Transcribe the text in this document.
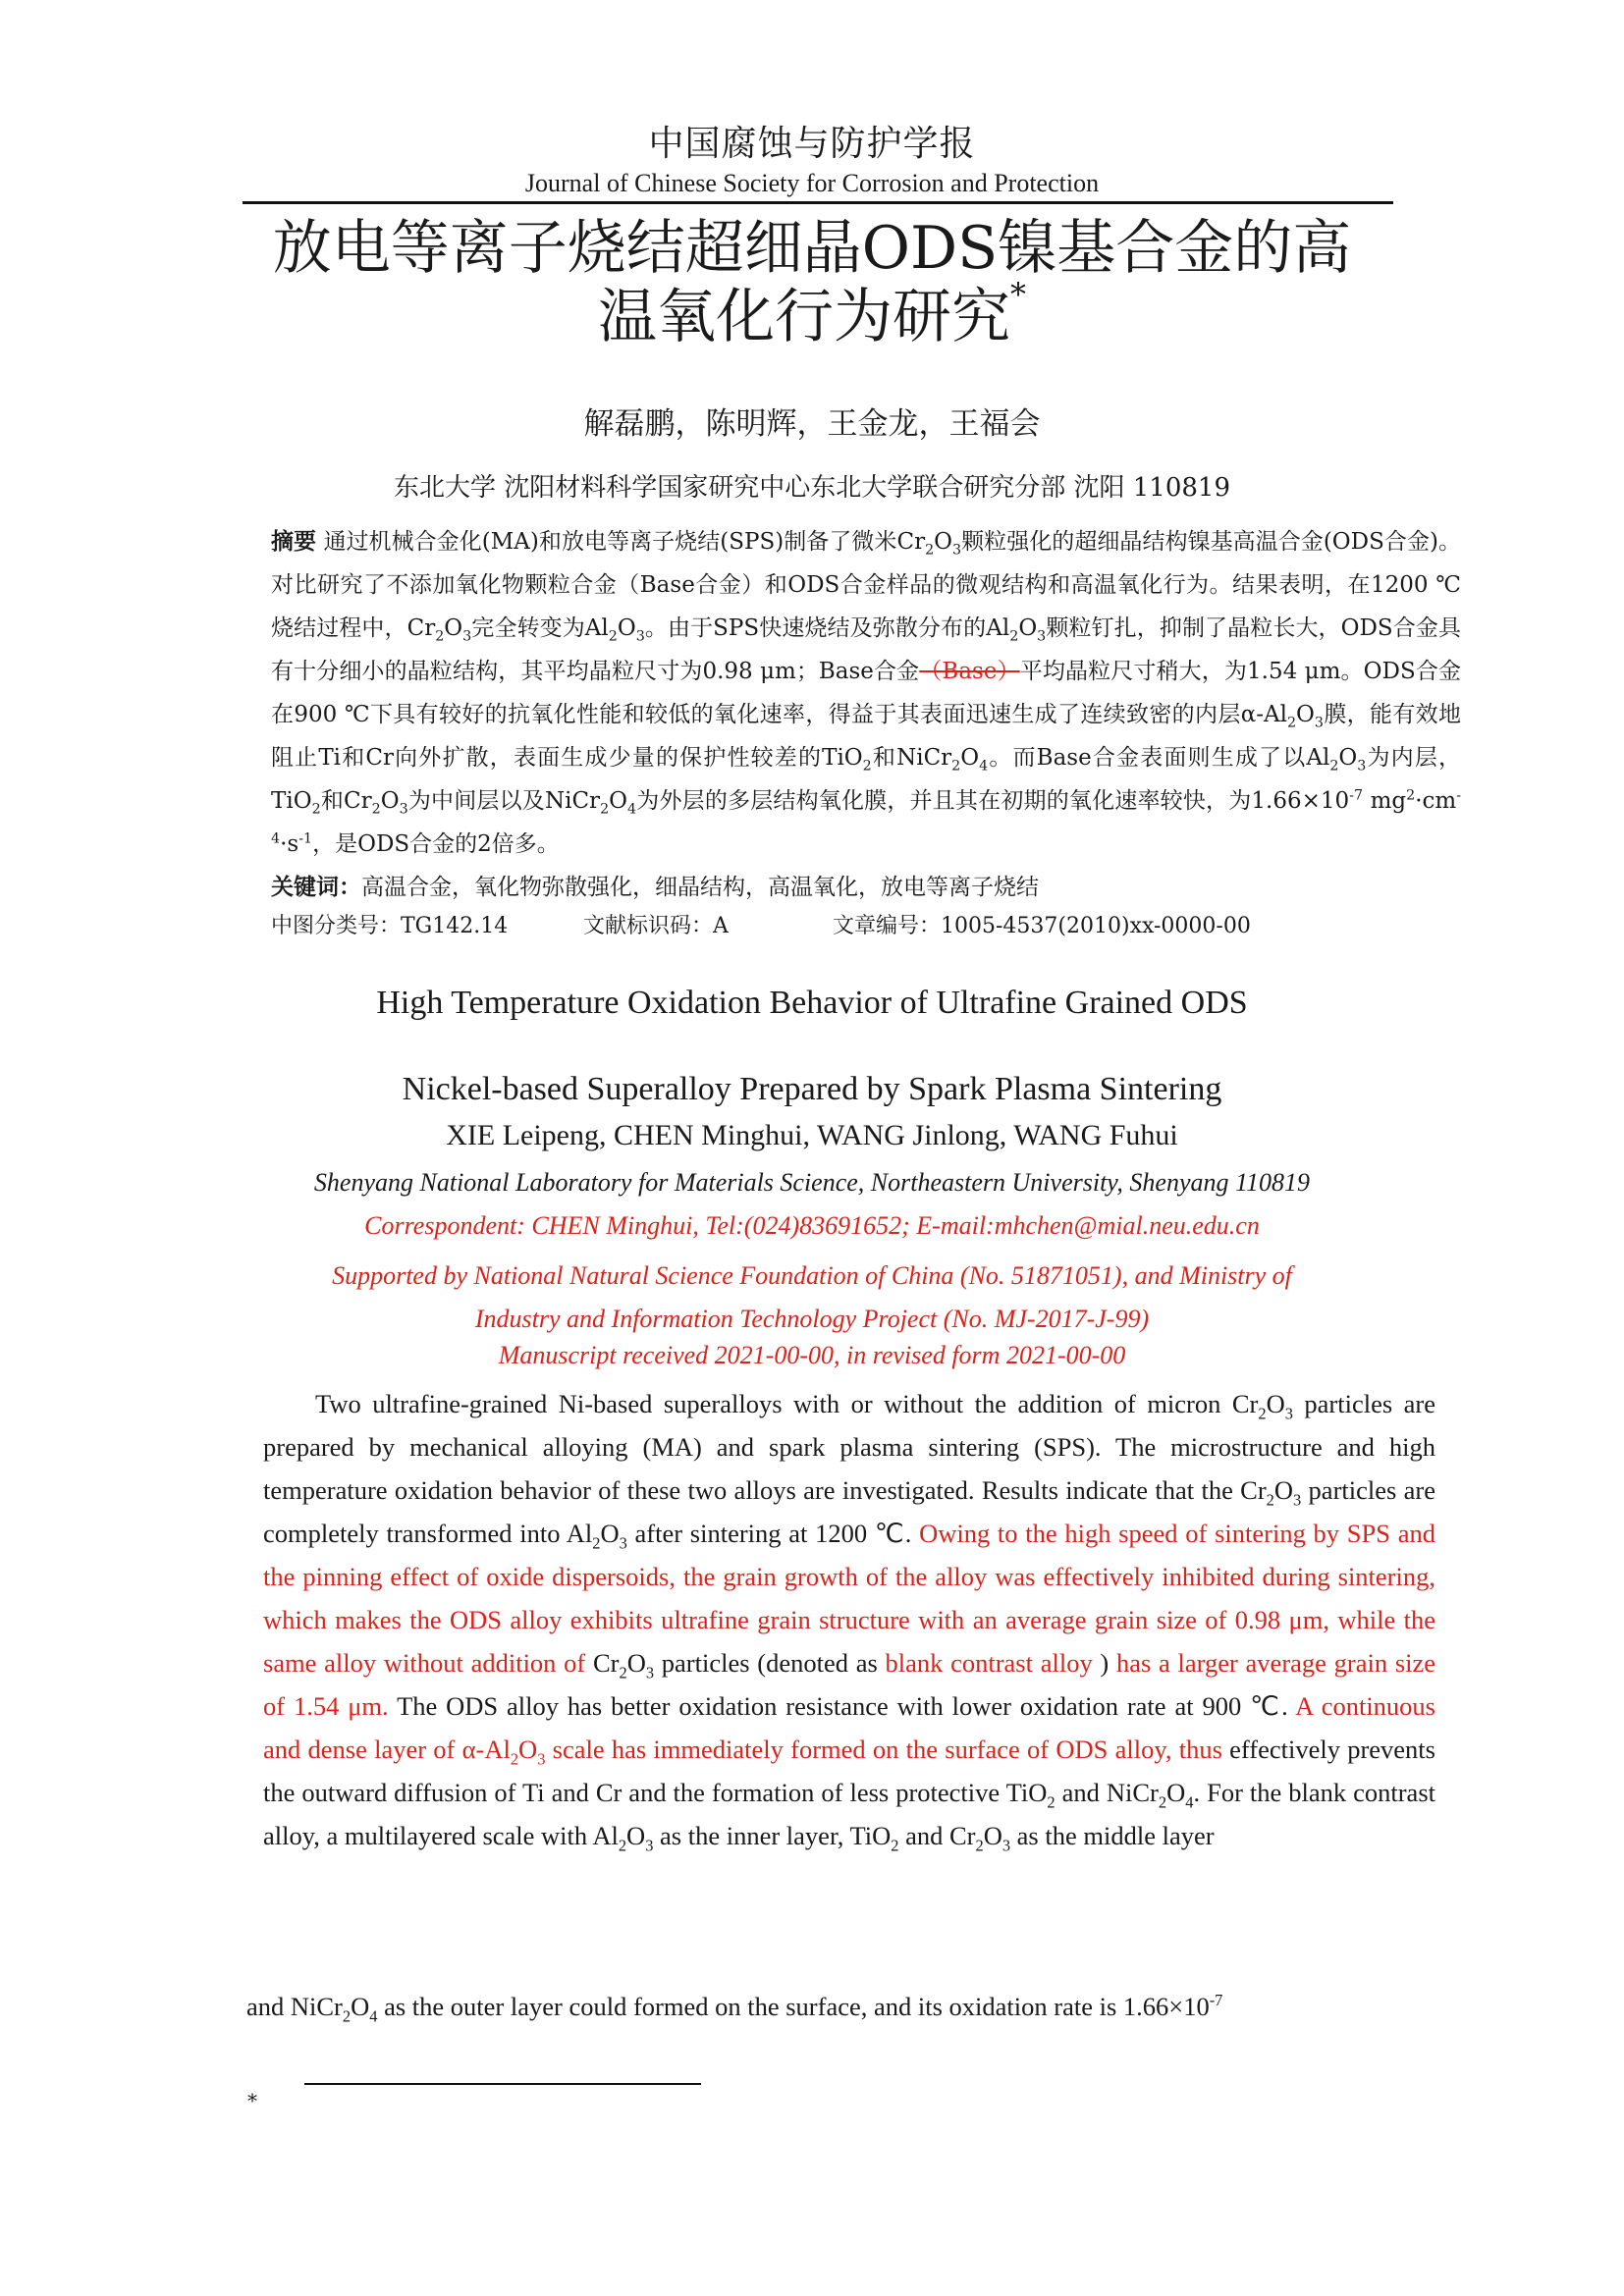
中国腐蚀与防护学报
Journal of Chinese Society for Corrosion and Protection
放电等离子烧结超细晶ODS镍基合金的高
温氧化行为研究*
解磊鹏，陈明辉，王金龙，王福会
东北大学 沈阳材料科学国家研究中心东北大学联合研究分部 沈阳 110819
摘要 通过机械合金化(MA)和放电等离子烧结(SPS)制备了微米$Cr_2O_3$颗粒强化的超细晶结构镍基高温合金(ODS合金)。对比研究了不添加氧化物颗粒合金（Base合金）和ODS合金样品的微观结构和高温氧化行为。结果表明，在1200 ℃烧结过程中，$Cr_2O_3$完全转变为$Al_2O_3$。由于SPS快速烧结及弥散分布的$Al_2O_3$颗粒钉扎，抑制了晶粒长大，ODS合金具有十分细小的晶粒结构，其平均晶粒尺寸为0.98 μm；Base合金（Base）平均晶粒尺寸稍大，为1.54 μm。ODS合金在900 ℃下具有较好的抗氧化性能和较低的氧化速率，得益于其表面迅速生成了连续致密的内层$\alpha-Al_2O_3$膜，能有效地阻止Ti和Cr向外扩散，表面生成少量的保护性较差的TiO$_2$和$NiCr_2O_4$。而Base合金表面则生成了以$Al_2O_3$为内层，TiO$_2$和$Cr_2O_3$为中间层以及$NiCr_2O_4$为外层的多层结构氧化膜，并且其在初期的氧化速率较快，为$1.66\times 10^{-7}$ $mg^2\cdot cm^{-4}\cdot s^{-1}$，是ODS合金的2倍多。
关键词：高温合金，氧化物弥散强化，细晶结构，高温氧化，放电等离子烧结
中图分类号：TG142.14	文献标识码：A	文章编号：1005-4537(2010)xx-0000-00
High Temperature Oxidation Behavior of Ultrafine Grained ODS
Nickel-based Superalloy Prepared by Spark Plasma Sintering
XIE Leipeng, CHEN Minghui, WANG Jinlong, WANG Fuhui
Shenyang National Laboratory for Materials Science, Northeastern University, Shenyang 110819
Correspondent: CHEN Minghui, Tel:(024)83691652; E-mail:mhchen@mial.neu.edu.cn
Supported by National Natural Science Foundation of China (No. 51871051), and Ministry of
Industry and Information Technology Project (No. MJ-2017-J-99)
Manuscript received 2021-00-00, in revised form 2021-00-00
Two ultrafine-grained Ni-based superalloys with or without the addition of micron $Cr_2O_3$ particles are prepared by mechanical alloying (MA) and spark plasma sintering (SPS). The microstructure and high temperature oxidation behavior of these two alloys are investigated. Results indicate that the $Cr_2O_3$ particles are completely transformed into $Al_2O_3$ after sintering at 1200 ℃. Owing to the high speed of sintering by SPS and the pinning effect of oxide dispersoids, the grain growth of the alloy was effectively inhibited during sintering, which makes the ODS alloy exhibits ultrafine grain structure with an average grain size of 0.98 μm, while the same alloy without addition of $Cr_2O_3$ particles (denoted as blank contrast alloy ) has a larger average grain size of 1.54 μm. The ODS alloy has better oxidation resistance with lower oxidation rate at 900 ℃. A continuous and dense layer of $\alpha-Al_2O_3$ scale has immediately formed on the surface of ODS alloy, thus effectively prevents the outward diffusion of Ti and Cr and the formation of less protective TiO$_2$ and $NiCr_2O_4$. For the blank contrast alloy, a multilayered scale with $Al_2O_3$ as the inner layer, TiO$_2$ and $Cr_2O_3$ as the middle layer
and $NiCr_2O_4$ as the outer layer could formed on the surface, and its oxidation rate is $1.66\times 10^{-7}$
*
